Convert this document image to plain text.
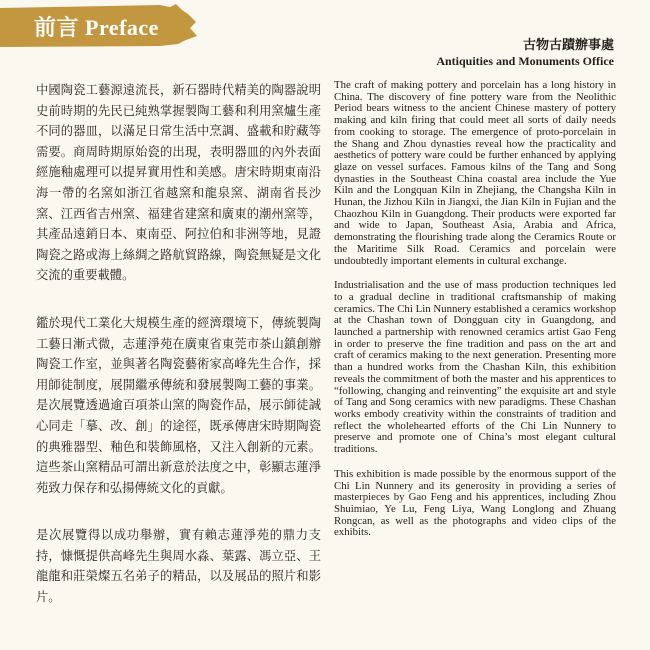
前言 Preface
古物古蹟辦事處
Antiquities and Monuments Office

中國陶瓷工藝源遠流長，新石器時代精美的陶器說明史前時期的先民已純熟掌握製陶工藝和利用窯爐生產不同的器皿，以滿足日常生活中烹調、盛載和貯藏等需要。商周時期原始瓷的出現，表明器皿的內外表面經施釉處理可以提昇實用性和美感。唐宋時期東南沿海一帶的名窯如浙江省越窯和龍泉窯、湖南省長沙窯、江西省吉州窯、福建省建窯和廣東的潮州窯等，其產品遠銷日本、東南亞、阿拉伯和非洲等地，見證陶瓷之路或海上絲綢之路航貿路線，陶瓷無疑是文化交流的重要載體。

鑑於現代工業化大規模生產的經濟環境下，傳統製陶工藝日漸式微，志蓮淨苑在廣東省東莞市茶山鎮創辦陶瓷工作室，並與著名陶瓷藝術家高峰先生合作，採用師徒制度，展開繼承傳統和發展製陶工藝的事業。是次展覽透過逾百項茶山窯的陶瓷作品，展示師徒誠心同走「摹、改、創」的途徑，既承傳唐宋時期陶瓷的典雅器型、釉色和裝飾風格，又注入創新的元素。這些茶山窯精品可謂出新意於法度之中，彰顯志蓮淨苑致力保存和弘揚傳統文化的貢獻。

是次展覽得以成功舉辦，實有賴志蓮淨苑的鼎力支持，慷慨提供高峰先生與周水淼、葉露、馮立亞、王龍龍和莊榮燦五名弟子的精品，以及展品的照片和影片。

The craft of making pottery and porcelain has a long history in China. The discovery of fine pottery ware from the Neolithic Period bears witness to the ancient Chinese mastery of pottery making and kiln firing that could meet all sorts of daily needs from cooking to storage. The emergence of proto-porcelain in the Shang and Zhou dynasties reveal how the practicality and aesthetics of pottery ware could be further enhanced by applying glaze on vessel surfaces. Famous kilns of the Tang and Song dynasties in the Southeast China coastal area include the Yue Kiln and the Longquan Kiln in Zhejiang, the Changsha Kiln in Hunan, the Jizhou Kiln in Jiangxi, the Jian Kiln in Fujian and the Chaozhou Kiln in Guangdong. Their products were exported far and wide to Japan, Southeast Asia, Arabia and Africa, demonstrating the flourishing trade along the Ceramics Route or the Maritime Silk Road. Ceramics and porcelain were undoubtedly important elements in cultural exchange.

Industrialisation and the use of mass production techniques led to a gradual decline in traditional craftsmanship of making ceramics. The Chi Lin Nunnery established a ceramics workshop at the Chashan town of Dongguan city in Guangdong, and launched a partnership with renowned ceramics artist Gao Feng in order to preserve the fine tradition and pass on the art and craft of ceramics making to the next generation. Presenting more than a hundred works from the Chashan Kiln, this exhibition reveals the commitment of both the master and his apprentices to “following, changing and reinventing” the exquisite art and style of Tang and Song ceramics with new paradigms. These Chashan works embody creativity within the constraints of tradition and reflect the wholehearted efforts of the Chi Lin Nunnery to preserve and promote one of China’s most elegant cultural traditions.

This exhibition is made possible by the enormous support of the Chi Lin Nunnery and its generosity in providing a series of masterpieces by Gao Feng and his apprentices, including Zhou Shuimiao, Ye Lu, Feng Liya, Wang Longlong and Zhuang Rongcan, as well as the photographs and video clips of the exhibits.
